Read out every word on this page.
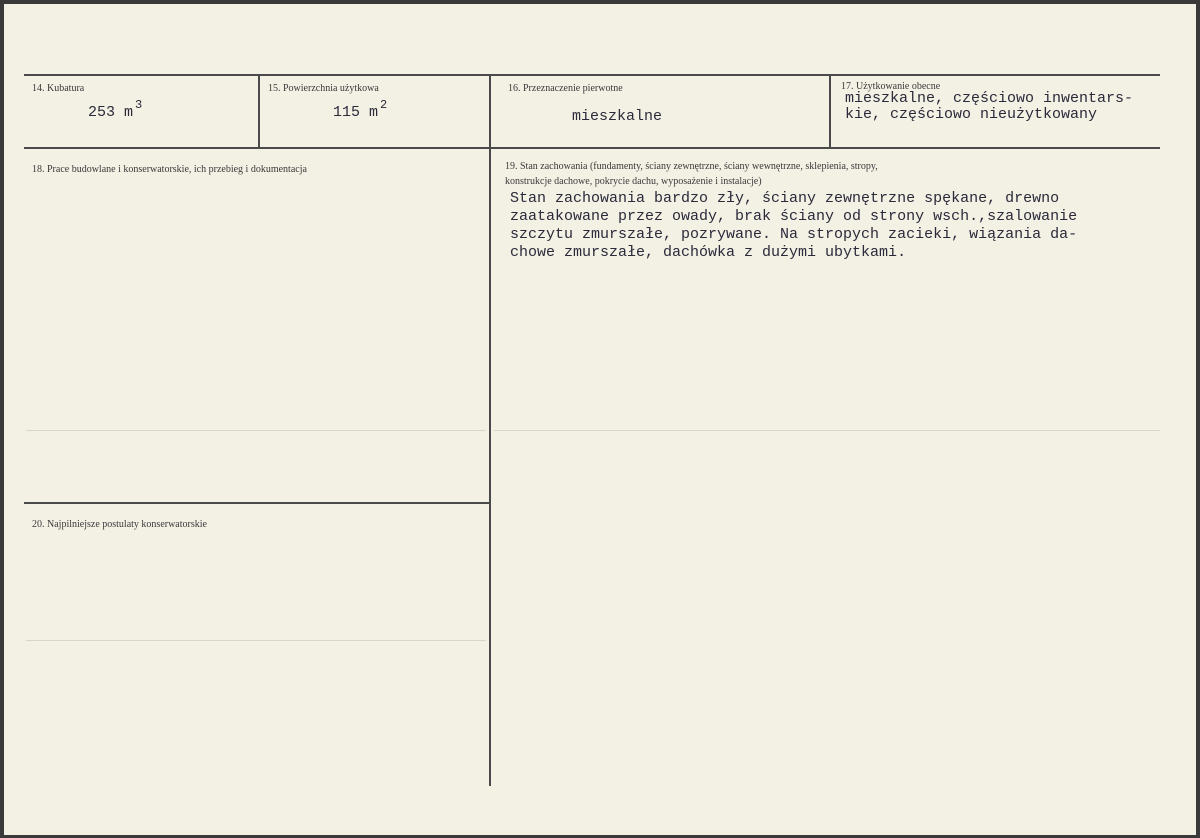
14. Kubatura
253 m $^3$
15. Powierzchnia użytkowa
115 m $^2$
16. Przeznaczenie pierwotne
mieszkalne
17. Użytkowanie obecne
mieszkalne, częściowo inwentars-
kie, częściowo nieużytkowany
18. Prace budowlane i konserwatorskie, ich przebieg i dokumentacja	19. Stan zachowania (fundamenty, ściany zewnętrzne, ściany wewnętrzne, sklepienia, stropy,
konstrukcje dachowe, pokrycie dachu, wyposażenie i instalacje)
Stan zachowania bardzo zły, ściany zewnętrzne spękane, drewno
zaatakowane przez owady, brak ściany od strony wsch.,szalowanie
szczytu zmurszałe, pozrywane. Na stropych zacieki, wiązania da-
chowe zmurszałe, dachówka z dużymi ubytkami.
20. Najpilniejsze postulaty konserwatorskie
